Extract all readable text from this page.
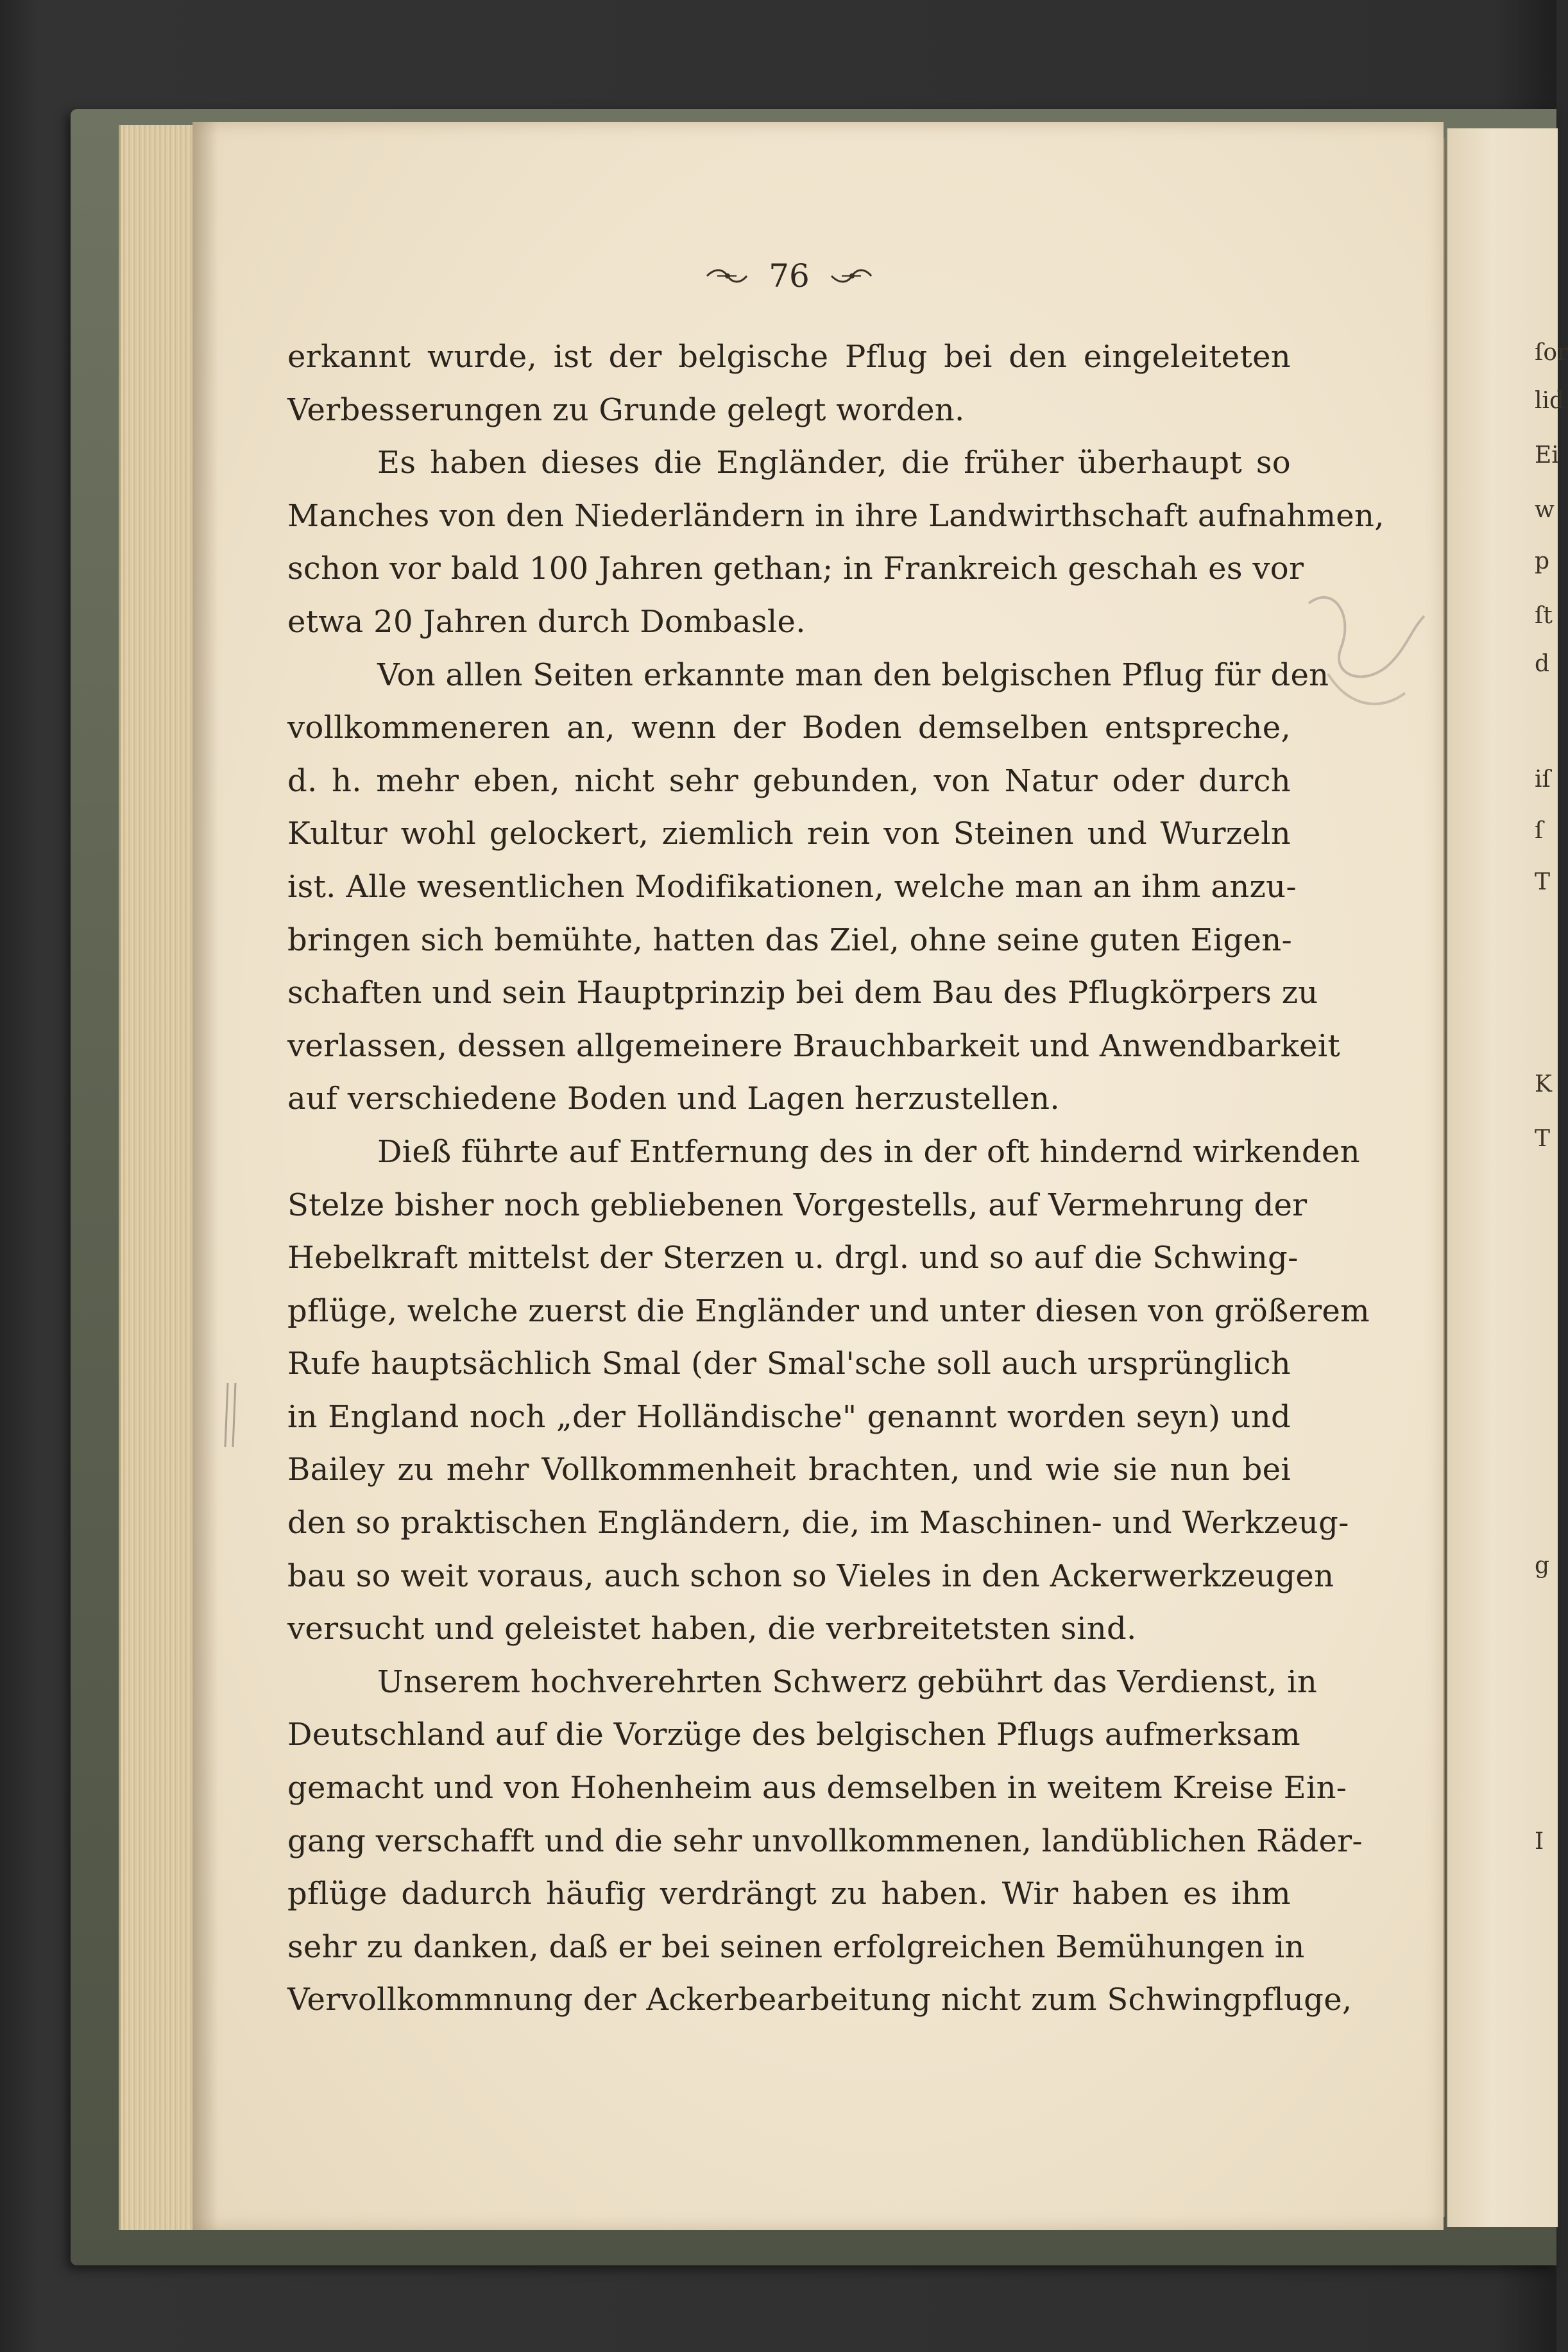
ſor
lid
Ei
w
p
ſt
d
iſ
ſ
T
K
T
g
I
76
erkannt wurde, ist der belgische Pflug bei den eingeleiteten
Verbesserungen zu Grunde gelegt worden.
Es haben dieses die Engländer, die früher überhaupt so
Manches von den Niederländern in ihre Landwirthschaft aufnahmen,
schon vor bald 100 Jahren gethan; in Frankreich geschah es vor
etwa 20 Jahren durch Dombasle.
Von allen Seiten erkannte man den belgischen Pflug für den
vollkommeneren an, wenn der Boden demselben entspreche,
d. h. mehr eben, nicht sehr gebunden, von Natur oder durch
Kultur wohl gelockert, ziemlich rein von Steinen und Wurzeln
ist. Alle wesentlichen Modifikationen, welche man an ihm anzu-
bringen sich bemühte, hatten das Ziel, ohne seine guten Eigen-
schaften und sein Hauptprinzip bei dem Bau des Pflugkörpers zu
verlassen, dessen allgemeinere Brauchbarkeit und Anwendbarkeit
auf verschiedene Boden und Lagen herzustellen.
Dieß führte auf Entfernung des in der oft hindernd wirkenden
Stelze bisher noch gebliebenen Vorgestells, auf Vermehrung der
Hebelkraft mittelst der Sterzen u. drgl. und so auf die Schwing-
pflüge, welche zuerst die Engländer und unter diesen von größerem
Rufe hauptsächlich Smal (der Smal'sche soll auch ursprünglich
in England noch „der Holländische" genannt worden seyn) und
Bailey zu mehr Vollkommenheit brachten, und wie sie nun bei
den so praktischen Engländern, die, im Maschinen- und Werkzeug-
bau so weit voraus, auch schon so Vieles in den Ackerwerkzeugen
versucht und geleistet haben, die verbreitetsten sind.
Unserem hochverehrten Schwerz gebührt das Verdienst, in
Deutschland auf die Vorzüge des belgischen Pflugs aufmerksam
gemacht und von Hohenheim aus demselben in weitem Kreise Ein-
gang verschafft und die sehr unvollkommenen, landüblichen Räder-
pflüge dadurch häufig verdrängt zu haben. Wir haben es ihm
sehr zu danken, daß er bei seinen erfolgreichen Bemühungen in
Vervollkommnung der Ackerbearbeitung nicht zum Schwingpfluge,
